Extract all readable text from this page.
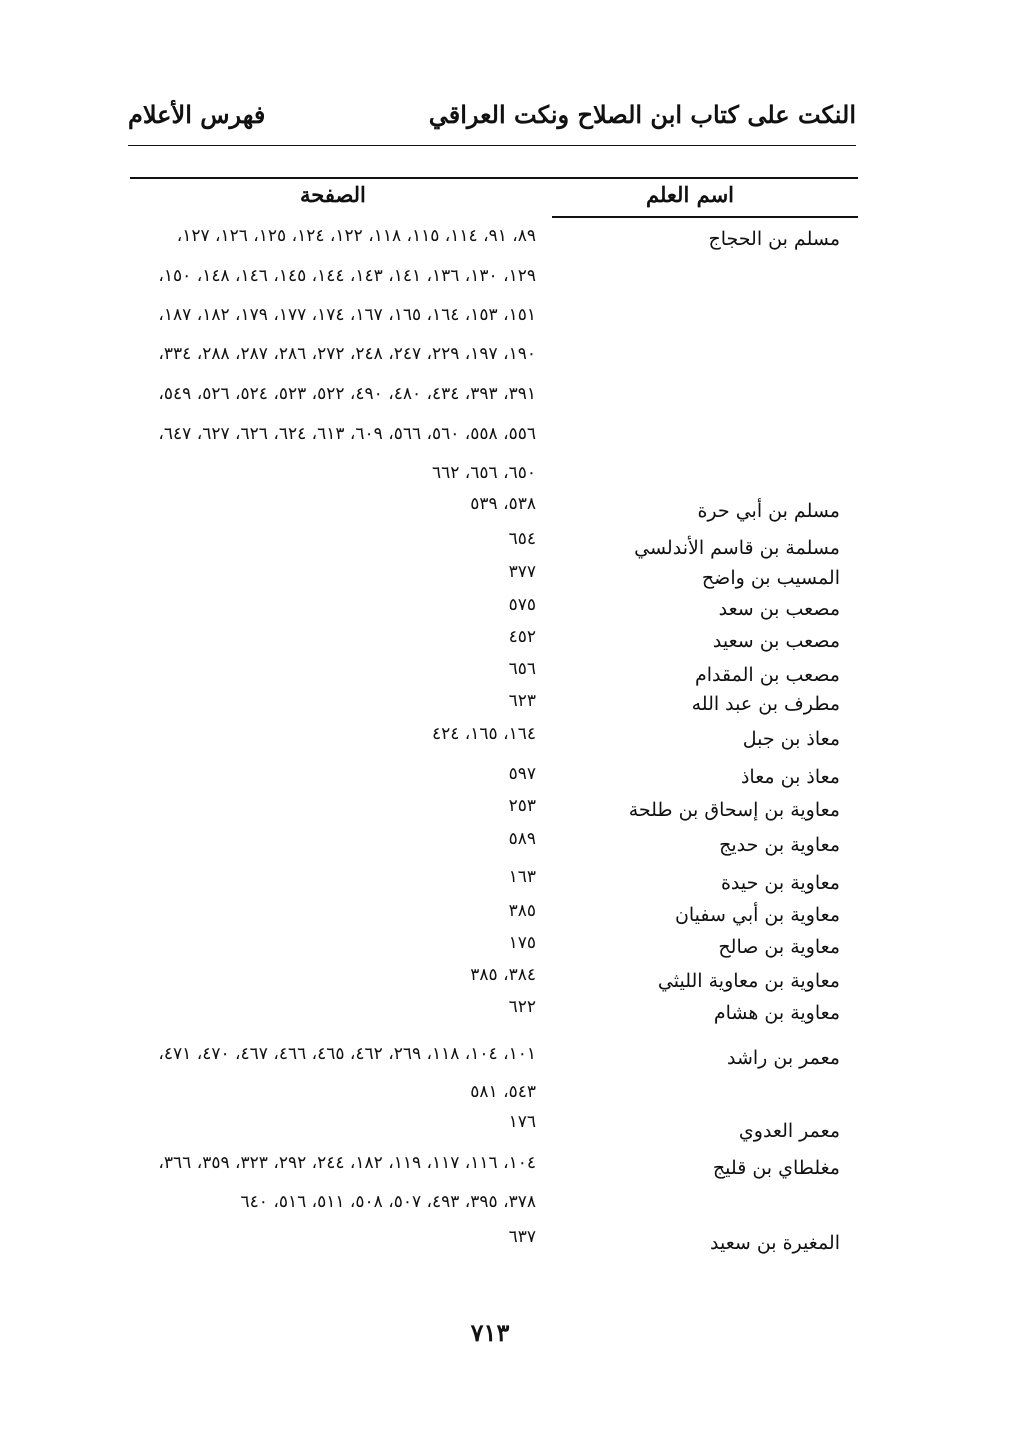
النكت على كتاب ابن الصلاح ونكت العراقي
فهرس الأعلام
اسم العلم
الصفحة
مسلم بن الحجاج
٨٩، ٩١، ١١٤، ١١٥، ١١٨، ١٢٢، ١٢٤، ١٢٥، ١٢٦، ١٢٧،
١٢٩، ١٣٠، ١٣٦، ١٤١، ١٤٣، ١٤٤، ١٤٥، ١٤٦، ١٤٨، ١٥٠،
١٥١، ١٥٣، ١٦٤، ١٦٥، ١٦٧، ١٧٤، ١٧٧، ١٧٩، ١٨٢، ١٨٧،
١٩٠، ١٩٧، ٢٢٩، ٢٤٧، ٢٤٨، ٢٧٢، ٢٨٦، ٢٨٧، ٢٨٨، ٣٣٤،
٣٩١، ٣٩٣، ٤٣٤، ٤٨٠، ٤٩٠، ٥٢٢، ٥٢٣، ٥٢٤، ٥٢٦، ٥٤٩،
٥٥٦، ٥٥٨، ٥٦٠، ٥٦٦، ٦٠٩، ٦١٣، ٦٢٤، ٦٢٦، ٦٢٧، ٦٤٧،
٦٥٠، ٦٥٦، ٦٦٢
مسلم بن أبي حرة
٥٣٨، ٥٣٩
مسلمة بن قاسم الأندلسي
٦٥٤
المسيب بن واضح
٣٧٧
مصعب بن سعد
٥٧٥
مصعب بن سعيد
٤٥٢
مصعب بن المقدام
٦٥٦
مطرف بن عبد الله
٦٢٣
معاذ بن جبل
١٦٤، ١٦٥، ٤٢٤
معاذ بن معاذ
٥٩٧
معاوية بن إسحاق بن طلحة
٢٥٣
معاوية بن حديج
٥٨٩
معاوية بن حيدة
١٦٣
معاوية بن أبي سفيان
٣٨٥
معاوية بن صالح
١٧٥
معاوية بن معاوية الليثي
٣٨٤، ٣٨٥
معاوية بن هشام
٦٢٢
معمر بن راشد
١٠١، ١٠٤، ١١٨، ٢٦٩، ٤٦٢، ٤٦٥، ٤٦٦، ٤٦٧، ٤٧٠، ٤٧١،
٥٤٣، ٥٨١
معمر العدوي
١٧٦
مغلطاي بن قليج
١٠٤، ١١٦، ١١٧، ١١٩، ١٨٢، ٢٤٤، ٢٩٢، ٣٢٣، ٣٥٩، ٣٦٦،
٣٧٨، ٣٩٥، ٤٩٣، ٥٠٧، ٥٠٨، ٥١١، ٥١٦، ٦٤٠
المغيرة بن سعيد
٦٣٧
٧١٣
